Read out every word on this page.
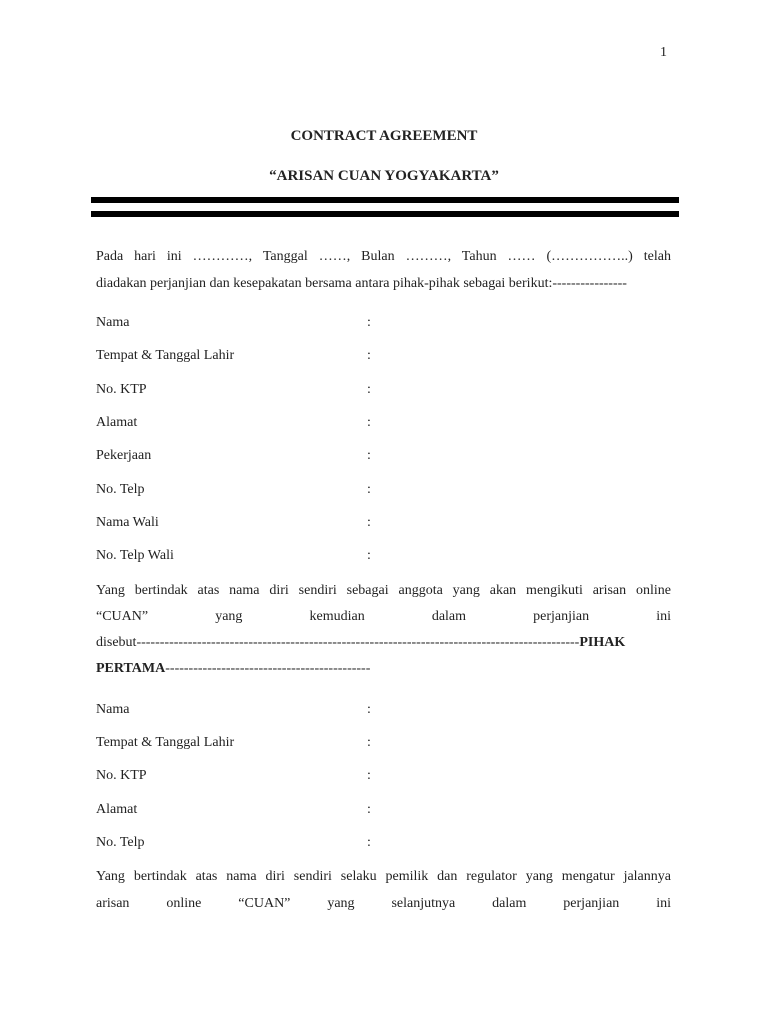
1
CONTRACT AGREEMENT
“ARISAN CUAN YOGYAKARTA”
Pada hari ini …………, Tanggal ……, Bulan ………, Tahun …… (……………..) telah
diadakan perjanjian dan kesepakatan bersama antara pihak-pihak sebagai berikut:----------------
Nama	:
Tempat & Tanggal Lahir	:
No. KTP	:
Alamat	:
Pekerjaan	:
No. Telp	:
Nama Wali	:
No. Telp Wali	:
Yang bertindak atas nama diri sendiri sebagai anggota yang akan mengikuti arisan online
“CUAN” yang kemudian dalam perjanjian ini
disebut-----------------------------------------------------------------------------------------------PIHAK
PERTAMA--------------------------------------------
Nama	:
Tempat & Tanggal Lahir	:
No. KTP	:
Alamat	:
No. Telp	:
Yang bertindak atas nama diri sendiri selaku pemilik dan regulator yang mengatur jalannya
arisan online “CUAN” yang selanjutnya dalam perjanjian ini
